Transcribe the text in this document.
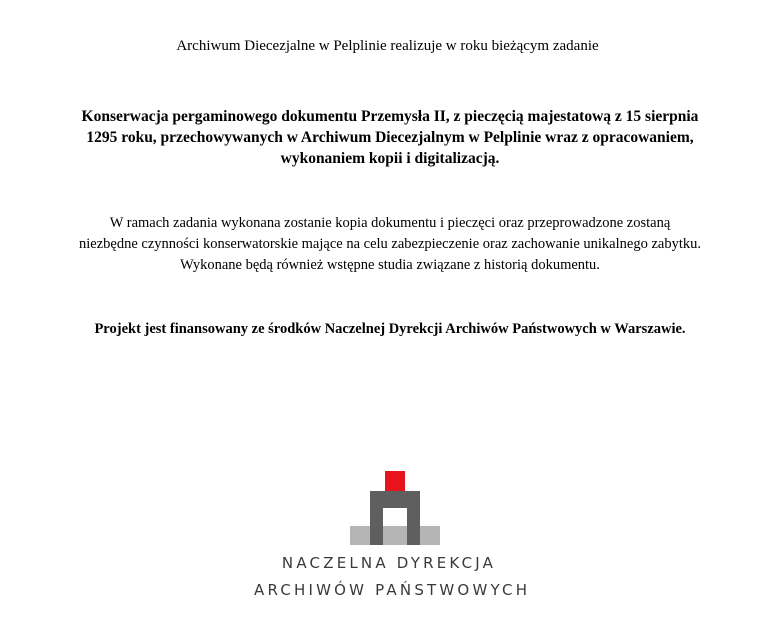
Archiwum Diecezjalne w Pelplinie realizuje w roku bieżącym zadanie

Konserwacja pergaminowego dokumentu Przemysła II, z pieczęcią majestatową z 15 sierpnia 1295 roku, przechowywanych w Archiwum Diecezjalnym w Pelplinie wraz z opracowaniem, wykonaniem kopii i digitalizacją.

W ramach zadania wykonana zostanie kopia dokumentu i pieczęci oraz przeprowadzone zostaną
niezbędne czynności konserwatorskie mające na celu zabezpieczenie oraz zachowanie unikalnego zabytku.
Wykonane będą również wstępne studia związane z historią dokumentu.

Projekt jest finansowany ze środków Naczelnej Dyrekcji Archiwów Państwowych w Warszawie.

NACZELNA DYREKCJA
ARCHIWÓW PAŃSTWOWYCH
